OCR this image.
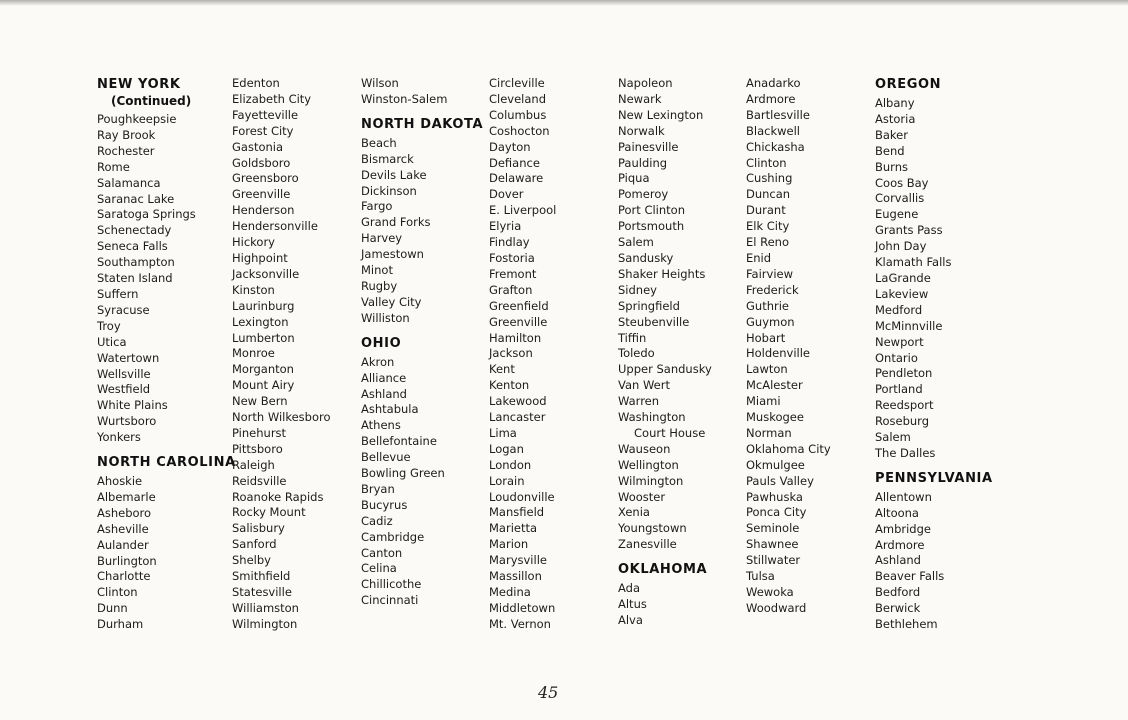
NEW YORK
(Continued)
Poughkeepsie
Ray Brook
Rochester
Rome
Salamanca
Saranac Lake
Saratoga Springs
Schenectady
Seneca Falls
Southampton
Staten Island
Suffern
Syracuse
Troy
Utica
Watertown
Wellsville
Westfield
White Plains
Wurtsboro
Yonkers
NORTH CAROLINA
Ahoskie
Albemarle
Asheboro
Asheville
Aulander
Burlington
Charlotte
Clinton
Dunn
Durham
Edenton
Elizabeth City
Fayetteville
Forest City
Gastonia
Goldsboro
Greensboro
Greenville
Henderson
Hendersonville
Hickory
Highpoint
Jacksonville
Kinston
Laurinburg
Lexington
Lumberton
Monroe
Morganton
Mount Airy
New Bern
North Wilkesboro
Pinehurst
Pittsboro
Raleigh
Reidsville
Roanoke Rapids
Rocky Mount
Salisbury
Sanford
Shelby
Smithfield
Statesville
Williamston
Wilmington
Wilson
Winston-Salem
NORTH DAKOTA
Beach
Bismarck
Devils Lake
Dickinson
Fargo
Grand Forks
Harvey
Jamestown
Minot
Rugby
Valley City
Williston
OHIO
Akron
Alliance
Ashland
Ashtabula
Athens
Bellefontaine
Bellevue
Bowling Green
Bryan
Bucyrus
Cadiz
Cambridge
Canton
Celina
Chillicothe
Cincinnati
Circleville
Cleveland
Columbus
Coshocton
Dayton
Defiance
Delaware
Dover
E. Liverpool
Elyria
Findlay
Fostoria
Fremont
Grafton
Greenfield
Greenville
Hamilton
Jackson
Kent
Kenton
Lakewood
Lancaster
Lima
Logan
London
Lorain
Loudonville
Mansfield
Marietta
Marion
Marysville
Massillon
Medina
Middletown
Mt. Vernon
Napoleon
Newark
New Lexington
Norwalk
Painesville
Paulding
Piqua
Pomeroy
Port Clinton
Portsmouth
Salem
Sandusky
Shaker Heights
Sidney
Springfield
Steubenville
Tiffin
Toledo
Upper Sandusky
Van Wert
Warren
Washington
Court House
Wauseon
Wellington
Wilmington
Wooster
Xenia
Youngstown
Zanesville
OKLAHOMA
Ada
Altus
Alva
Anadarko
Ardmore
Bartlesville
Blackwell
Chickasha
Clinton
Cushing
Duncan
Durant
Elk City
El Reno
Enid
Fairview
Frederick
Guthrie
Guymon
Hobart
Holdenville
Lawton
McAlester
Miami
Muskogee
Norman
Oklahoma City
Okmulgee
Pauls Valley
Pawhuska
Ponca City
Seminole
Shawnee
Stillwater
Tulsa
Wewoka
Woodward
OREGON
Albany
Astoria
Baker
Bend
Burns
Coos Bay
Corvallis
Eugene
Grants Pass
John Day
Klamath Falls
LaGrande
Lakeview
Medford
McMinnville
Newport
Ontario
Pendleton
Portland
Reedsport
Roseburg
Salem
The Dalles
PENNSYLVANIA
Allentown
Altoona
Ambridge
Ardmore
Ashland
Beaver Falls
Bedford
Berwick
Bethlehem
45
